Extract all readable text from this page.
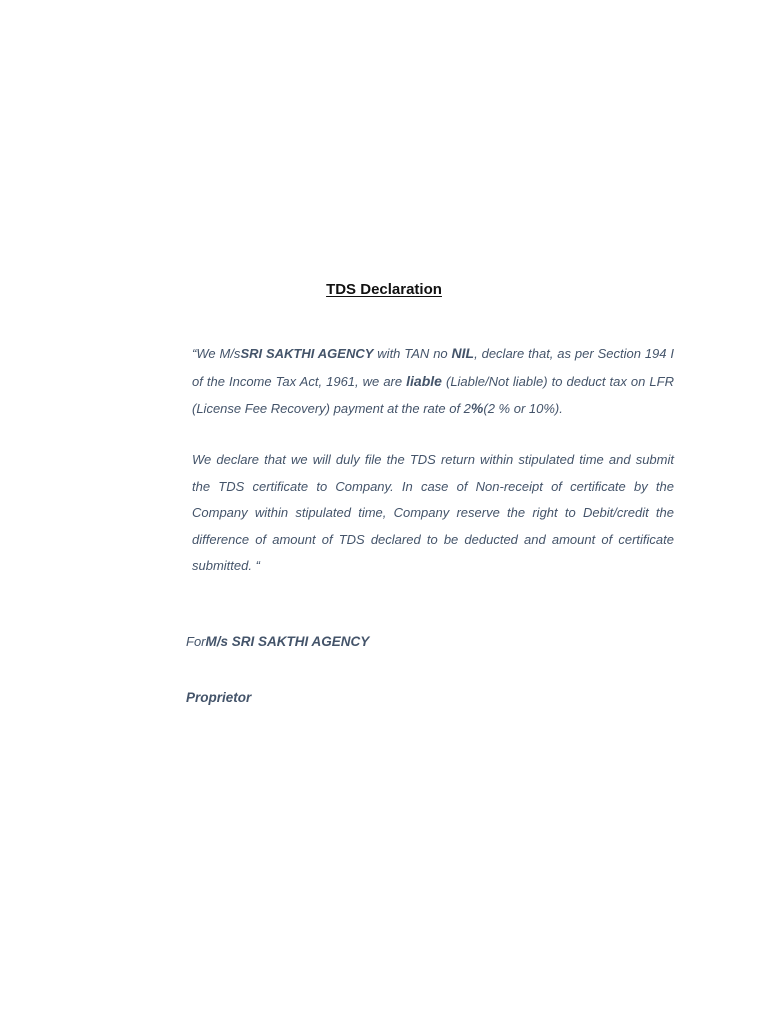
TDS Declaration
“We M/sSRI SAKTHI AGENCY with TAN no NIL, declare that, as per Section 194 I of the Income Tax Act, 1961, we are liable (Liable/Not liable) to deduct tax on LFR (License Fee Recovery) payment at the rate of 2%(2 % or 10%).
We declare that we will duly file the TDS return within stipulated time and submit the TDS certificate to Company. In case of Non-receipt of certificate by the Company within stipulated time, Company reserve the right to Debit/credit the difference of amount of TDS declared to be deducted and amount of certificate submitted. “
ForM/s SRI SAKTHI AGENCY
Proprietor
